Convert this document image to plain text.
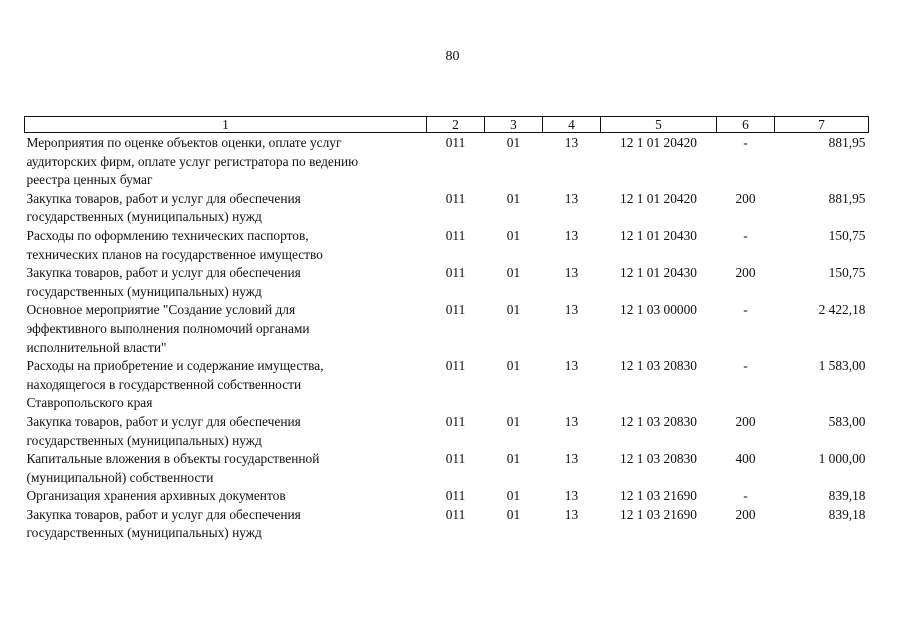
80
1	2	3	4	5	6	7

Мероприятия по оценке объектов оценки, оплате услуг
аудиторских фирм, оплате услуг регистратора по ведению
реестра ценных бумаг	011	01	13	12 1 01 20420	-	881,95

Закупка товаров, работ и услуг для обеспечения
государственных (муниципальных) нужд	011	01	13	12 1 01 20420	200	881,95

Расходы по оформлению технических паспортов,
технических планов на государственное имущество	011	01	13	12 1 01 20430	-	150,75

Закупка товаров, работ и услуг для обеспечения
государственных (муниципальных) нужд	011	01	13	12 1 01 20430	200	150,75

Основное мероприятие "Создание условий для
эффективного выполнения полномочий органами
исполнительной власти"	011	01	13	12 1 03 00000	-	2 422,18

Расходы на приобретение и содержание имущества,
находящегося в государственной собственности
Ставропольского края	011	01	13	12 1 03 20830	-	1 583,00

Закупка товаров, работ и услуг для обеспечения
государственных (муниципальных) нужд	011	01	13	12 1 03 20830	200	583,00

Капитальные вложения в объекты государственной
(муниципальной) собственности	011	01	13	12 1 03 20830	400	1 000,00

Организация хранения архивных документов	011	01	13	12 1 03 21690	-	839,18

Закупка товаров, работ и услуг для обеспечения
государственных (муниципальных) нужд	011	01	13	12 1 03 21690	200	839,18
